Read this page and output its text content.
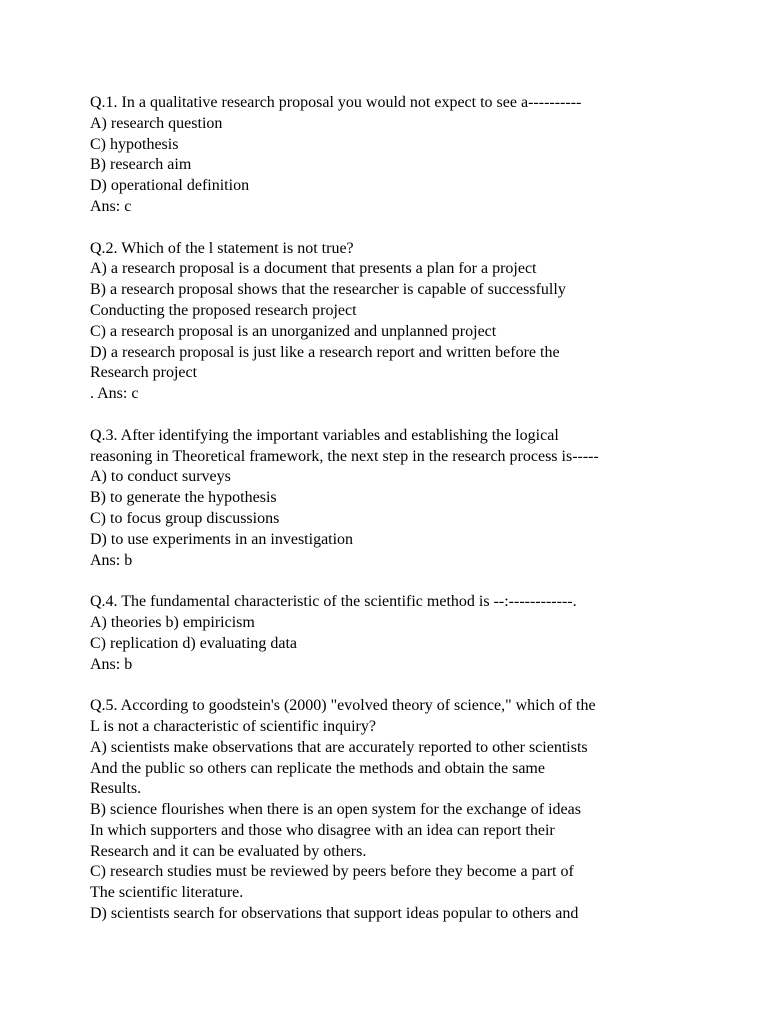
Q.1. In a qualitative research proposal you would not expect to see a----------
A) research question
C) hypothesis
B) research aim
D) operational definition
Ans: c
Q.2. Which of the l statement is not true?
A) a research proposal is a document that presents a plan for a project
B) a research proposal shows that the researcher is capable of successfully
Conducting the proposed research project
C) a research proposal is an unorganized and unplanned project
D) a research proposal is just like a research report and written before the
Research project
. Ans: c
Q.3. After identifying the important variables and establishing the logical
reasoning in Theoretical framework, the next step in the research process is-----
A) to conduct surveys
B) to generate the hypothesis
C) to focus group discussions
D) to use experiments in an investigation
Ans: b
Q.4. The fundamental characteristic of the scientific method is --:------------.
A) theories b) empiricism
C) replication d) evaluating data
Ans: b
Q.5. According to goodstein's (2000) "evolved theory of science," which of the
L is not a characteristic of scientific inquiry?
A) scientists make observations that are accurately reported to other scientists
And the public so others can replicate the methods and obtain the same
Results.
B) science flourishes when there is an open system for the exchange of ideas
In which supporters and those who disagree with an idea can report their
Research and it can be evaluated by others.
C) research studies must be reviewed by peers before they become a part of
The scientific literature.
D) scientists search for observations that support ideas popular to others and
